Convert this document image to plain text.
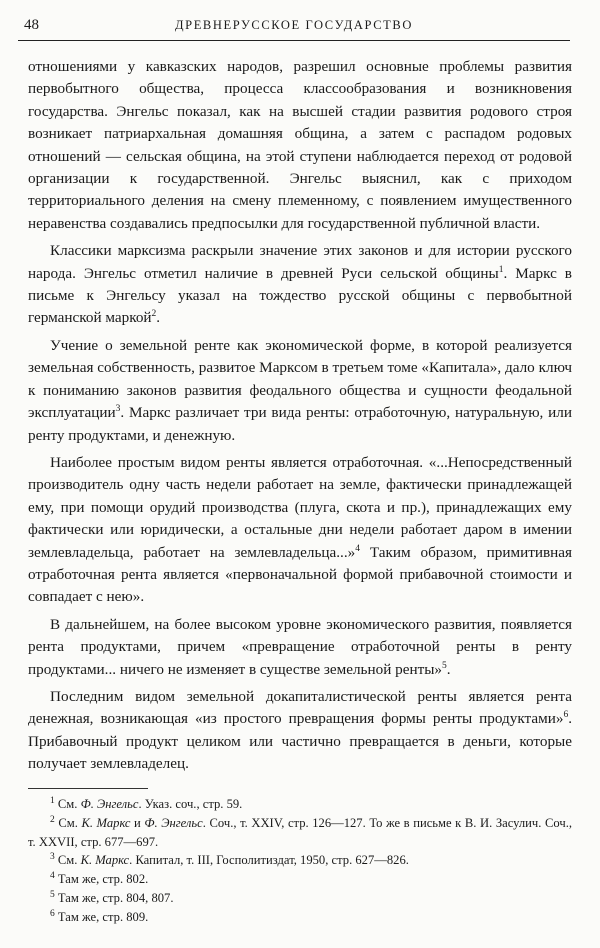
48	ДРЕВНЕРУССКОЕ ГОСУДАРСТВО

отношениями у кавказских народов, разрешил основные проблемы развития первобытного общества, процесса классообразования и возникновения государства. Энгельс показал, как на высшей стадии развития родового строя возникает патриархальная домашняя община, а затем с распадом родовых отношений — сельская община, на этой ступени наблюдается переход от родовой организации к государственной. Энгельс выяснил, как с приходом территориального деления на смену племенному, с появлением имущественного неравенства создавались предпосылки для государственной публичной власти.

Классики марксизма раскрыли значение этих законов и для истории русского народа. Энгельс отметил наличие в древней Руси сельской общины$^1$. Маркс в письме к Энгельсу указал на тождество русской общины с первобытной германской маркой$^2$.

Учение о земельной ренте как экономической форме, в которой реализуется земельная собственность, развитое Марксом в третьем томе «Капитала», дало ключ к пониманию законов развития феодального общества и сущности феодальной эксплуатации$^3$. Маркс различает три вида ренты: отработочную, натуральную, или ренту продуктами, и денежную.

Наиболее простым видом ренты является отработочная. «...Непосредственный производитель одну часть недели работает на земле, фактически принадлежащей ему, при помощи орудий производства (плуга, скота и пр.), принадлежащих ему фактически или юридически, а остальные дни недели работает даром в имении землевладельца, работает на землевладельца...»$^4$ Таким образом, примитивная отработочная рента является «первоначальной формой прибавочной стоимости и совпадает с нею».

В дальнейшем, на более высоком уровне экономического развития, появляется рента продуктами, причем «превращение отработочной ренты в ренту продуктами... ничего не изменяет в существе земельной ренты»$^5$.

Последним видом земельной докапиталистической ренты является рента денежная, возникающая «из простого превращения формы ренты продуктами»$^6$. Прибавочный продукт целиком или частично превращается в деньги, которые получает землевладелец.

$^1$ См. Ф. Энгельс. Указ. соч., стр. 59.

$^2$ См. К. Маркс и Ф. Энгельс. Соч., т. XXIV, стр. 126—127. То же в письме к В. И. Засулич. Соч., т. XXVII, стр. 677—697.

$^3$ См. К. Маркс. Капитал, т. III, Госполитиздат, 1950, стр. 627—826.

$^4$ Там же, стр. 802.

$^5$ Там же, стр. 804, 807.

$^6$ Там же, стр. 809.
